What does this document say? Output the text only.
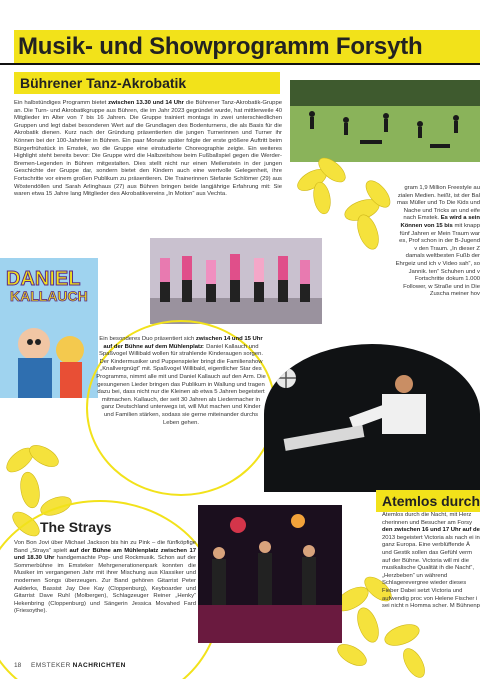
Musik- und Showprogramm Forsyth
Bührener Tanz-Akrobatik
Ein halbstündiges Programm bietet zwischen 13.30 und 14 Uhr die Bührener Tanz-Akrobatik-Gruppe an. Die Turn- und Akrobatikgruppe aus Bühren, die im Jahr 2023 gegründet wurde, hat mittlerweile 40 Mitglieder im Alter von 7 bis 16 Jahren. Die Gruppe trainiert montags in zwei unterschiedlichen Gruppen und legt dabei besonderen Wert auf die Grundlagen des Bodenturnens, die als Basis für die Akrobatik dienen. Kurz nach der Gründung präsentierten die jungen Turnerinnen und Turner ihr Können bei der 100-Jahrfeier in Bühren. Ein paar Monate später folgte der erste größere Auftritt beim Bürgerfrühstück in Emstek, wo die Gruppe eine einstudierte Choreographie zeigte. Ein weiteres Highlight steht bereits bevor: Die Gruppe wird die Halbzeitshow beim Fußballspiel gegen die Werder-Bremen-Legenden in Bühren mitgestalten. Dies stellt nicht nur einen Meilenstein in der jungen Geschichte der Gruppe dar, sondern bietet den Kindern auch eine wertvolle Gelegenheit, ihre Fortschritte vor einem großen Publikum zu präsentieren. Die Trainerinnen Stefanie Schlömer (29) aus Wöstendöllen und Sarah Arlinghaus (27) aus Bühren bringen beide langjährige Erfahrung mit: Sie waren etwa 15 Jahre lang Mitglieder des Akrobatikvereins „In Motion“ aus Vechta.
DANIEL
KALLAUCH
Ein besonderes Duo präsentiert sich zwischen 14 und 15 Uhr auf der Bühne auf dem Mühlenplatz: Daniel Kallauch und Spaßvogel Willibald wollen für strahlende Kinderaugen sorgen. Der Kindermusiker und Puppenspieler bringt die Familienshow „Knallvergnügt“ mit. Spaßvogel Willibald, eigentlicher Star des Programms, nimmt alle mit und Daniel Kallauch auf den Arm. Die gesungenen Lieder bringen das Publikum in Wallung und tragen dazu bei, dass nicht nur die Kleinen ab etwa 5 Jahren begeistert mitmachen. Kallauch, der seit 30 Jahren als Liedermacher in ganz Deutschland unterwegs ist, will Mut machen und Kinder und Familien stärken, sodass sie gerne miteinander durchs Leben gehen.
gram 1,9 Million Freestyle au zialen Medien. heißt, ist der Bal mas Müller und To Die Kids und Nache und Tricks an und eife nach Emstek. Es wird a sein Können von 15 bis mit knapp fünf Jahren er Mein Traum war es, Prof schon in der B-Jugend v den Traum. „In dieser Z damals weltbesten Fußb der Ehrgeiz und ich v Video sah“, so Jannik. ten“ Schuhen und v Fortschritte dokum 1.000 Follower, w Straße und in Die Zuscha meiner hov
The Strays
Von Bon Jovi über Michael Jackson bis hin zu Pink – die fünfköpfige Band „Strays“ spielt auf der Bühne am Mühlenplatz zwischen 17 und 18.30 Uhr handgemachte Pop- und Rockmusik. Schon auf der Sommerbühne im Emsteker Mehrgenerationenpark konnten die Musiker im vergangenen Jahr mit ihrer Mischung aus Klassiker und modernen Songs überzeugen. Zur Band gehören Gitarrist Peter Aalderks, Bassist Jay Dee Kay (Cloppenburg), Keyboarder und Gitarrist Dave Ruhl (Molbergen), Schlagzeuger Reiner „Henky“ Hekenbring (Cloppenburg) und Sängerin Jessica Movahed Fard (Friesoythe).
Atemlos durch
Atemlos durch die Nacht, mit Herz cherinnen und Besucher am Forsy den zwischen 16 und 17 Uhr auf de 2013 begeistert Victoria als nach ei in ganz Europa. Eine verblüffende Ä und Gestik sollen das Gefühl verm auf der Bühne. Victoria will mi die musikalische Qualität ih die Nacht“, „Herzbeben“ un während Schlagerevergree wieder dieses Fieber Dabei setzt Victoria und aufwendig proc von Helene Fischer i sei nicht n Homma scher. M Bühnenp
18 EMSTEKER NACHRICHTEN
